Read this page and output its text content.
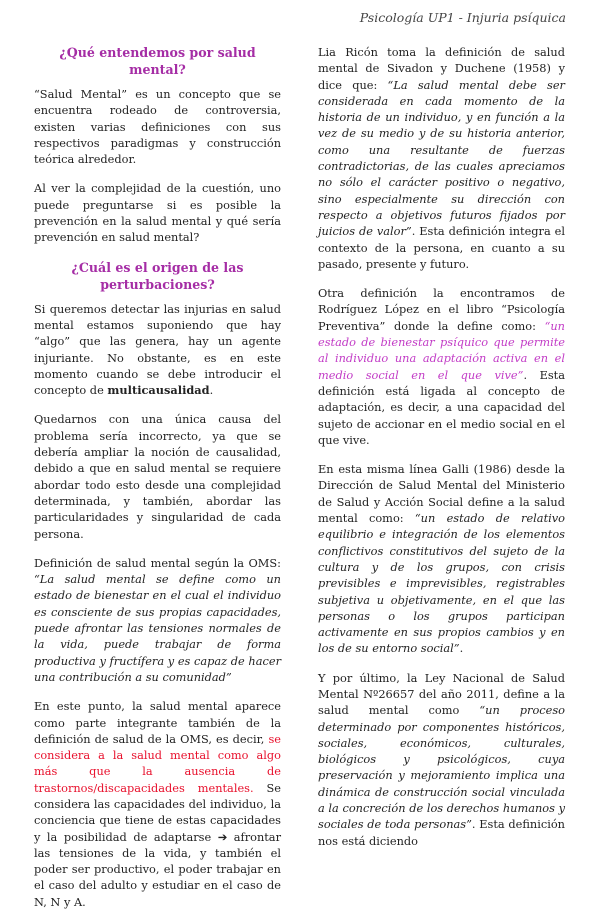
Psicología UP1 - Injuria psíquica
¿Qué entendemos por salud mental?

“Salud Mental” es un concepto que se encuentra rodeado de controversia, existen varias definiciones con sus respectivos paradigmas y construcción teórica alrededor.

Al ver la complejidad de la cuestión, uno puede preguntarse si es posible la prevención en la salud mental y qué sería prevención en salud mental?

¿Cuál es el origen de las perturbaciones?

Si queremos detectar las injurias en salud mental estamos suponiendo que hay “algo” que las genera, hay un agente injuriante. No obstante, es en este momento cuando se debe introducir el concepto de multicausalidad.

Quedarnos con una única causa del problema sería incorrecto, ya que se debería ampliar la noción de causalidad, debido a que en salud mental se requiere abordar todo esto desde una complejidad determinada, y también, abordar las particularidades y singularidad de cada persona.

Definición de salud mental según la OMS: “La salud mental se define como un estado de bienestar en el cual el individuo es consciente de sus propias capacidades, puede afrontar las tensiones normales de la vida, puede trabajar de forma productiva y fructífera y es capaz de hacer una contribución a su comunidad”

En este punto, la salud mental aparece como parte integrante también de la definición de salud de la OMS, es decir, se considera a la salud mental como algo más que la ausencia de trastornos/discapacidades mentales. Se considera las capacidades del individuo, la conciencia que tiene de estas capacidades y la posibilidad de adaptarse ➔ afrontar las tensiones de la vida, y también el poder ser productivo, el poder trabajar en el caso del adulto y estudiar en el caso de N, N y A.

Lia Ricón toma la definición de salud mental de Sivadon y Duchene (1958) y dice que: “La salud mental debe ser considerada en cada momento de la historia de un individuo, y en función a la vez de su medio y de su historia anterior, como una resultante de fuerzas contradictorias, de las cuales apreciamos no sólo el carácter positivo o negativo, sino especialmente su dirección con respecto a objetivos futuros fijados por juicios de valor”. Esta definición integra el contexto de la persona, en cuanto a su pasado, presente y futuro.

Otra definición la encontramos de Rodríguez López en el libro “Psicología Preventiva” donde la define como: “un estado de bienestar psíquico que permite al individuo una adaptación activa en el medio social en el que vive”. Esta definición está ligada al concepto de adaptación, es decir, a una capacidad del sujeto de accionar en el medio social en el que vive.

En esta misma línea Galli (1986) desde la Dirección de Salud Mental del Ministerio de Salud y Acción Social define a la salud mental como: “un estado de relativo equilibrio e integración de los elementos conflictivos constitutivos del sujeto de la cultura y de los grupos, con crisis previsibles e imprevisibles, registrables subjetiva u objetivamente, en el que las personas o los grupos participan activamente en sus propios cambios y en los de su entorno social”.

Y por último, la Ley Nacional de Salud Mental Nº26657 del año 2011, define a la salud mental como “un proceso determinado por componentes históricos, sociales, económicos, culturales, biológicos y psicológicos, cuya preservación y mejoramiento implica una dinámica de construcción social vinculada a la concreción de los derechos humanos y sociales de toda personas”. Esta definición nos está diciendo
